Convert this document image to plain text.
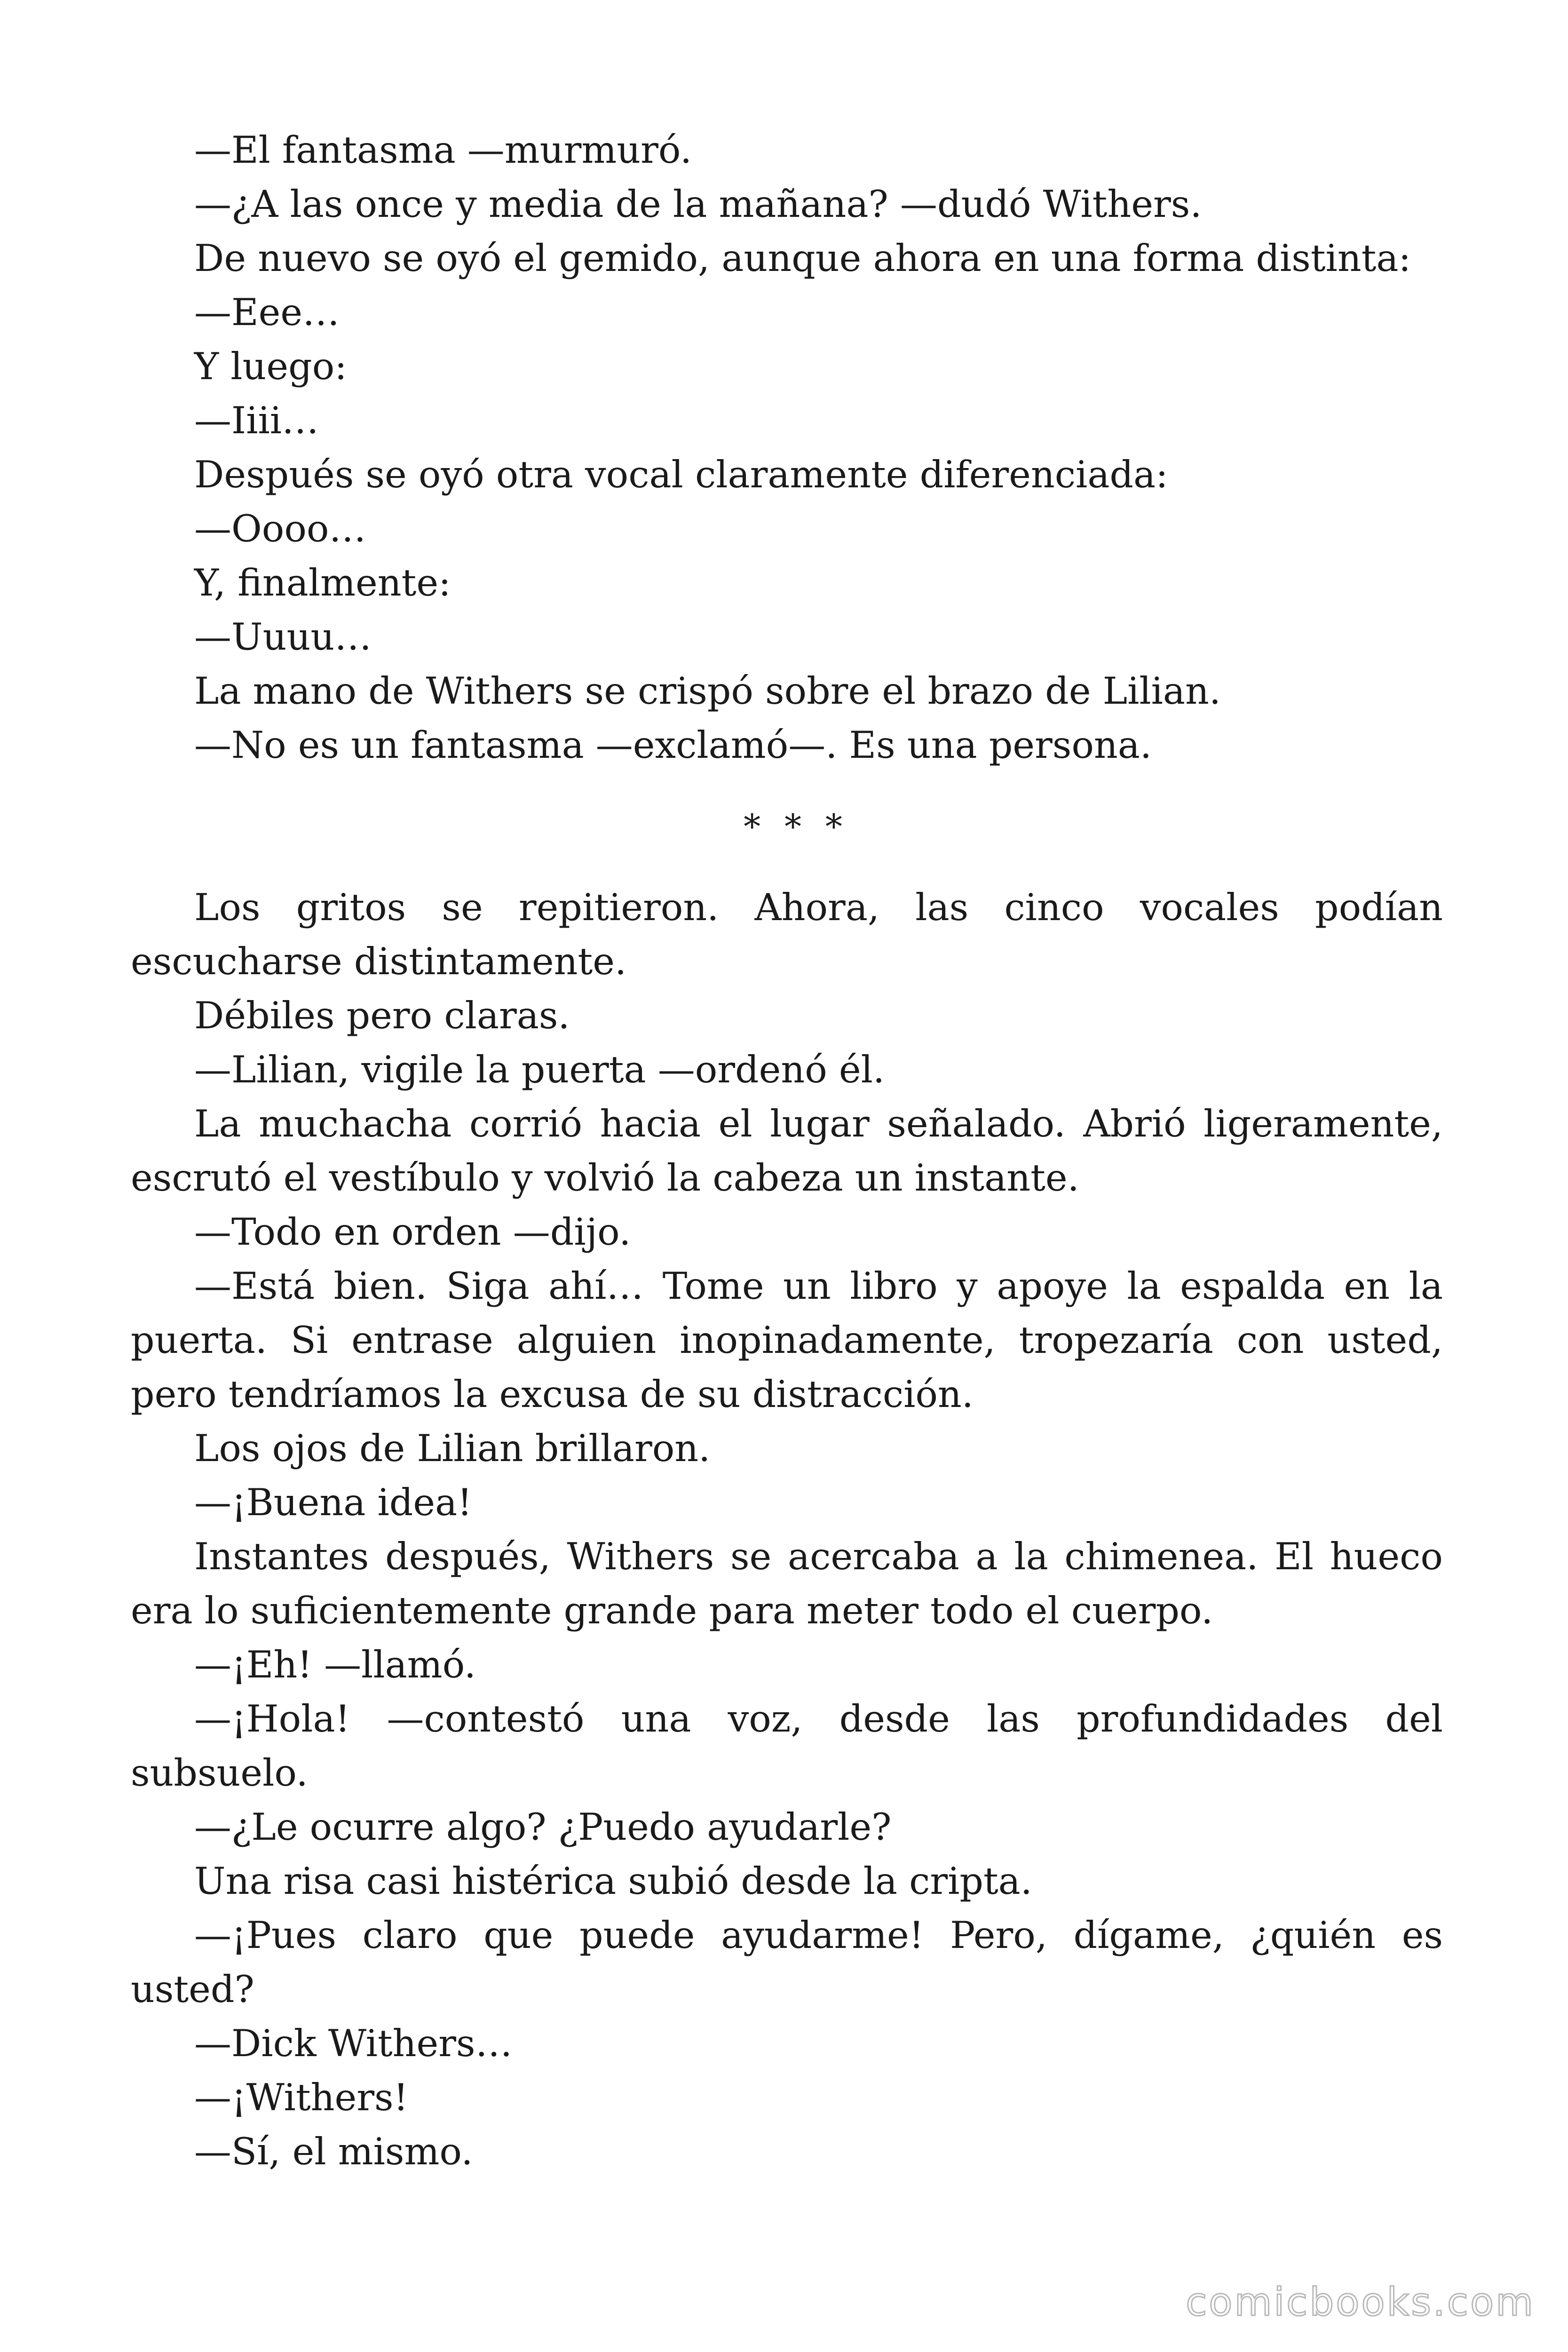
—El fantasma —murmuró.

—¿A las once y media de la mañana? —dudó Withers.

De nuevo se oyó el gemido, aunque ahora en una forma distinta:

—Eee…

Y luego:

—Iiii…

Después se oyó otra vocal claramente diferenciada:

—Oooo…

Y, finalmente:

—Uuuu…

La mano de Withers se crispó sobre el brazo de Lilian.

—No es un fantasma —exclamó—. Es una persona.

* * *

Los gritos se repitieron. Ahora, las cinco vocales podían escucharse distintamente.

Débiles pero claras.

—Lilian, vigile la puerta —ordenó él.

La muchacha corrió hacia el lugar señalado. Abrió ligeramente, escrutó el vestíbulo y volvió la cabeza un instante.

—Todo en orden —dijo.

—Está bien. Siga ahí… Tome un libro y apoye la espalda en la puerta. Si entrase alguien inopinadamente, tropezaría con usted, pero tendríamos la excusa de su distracción.

Los ojos de Lilian brillaron.

—¡Buena idea!

Instantes después, Withers se acercaba a la chimenea. El hueco era lo suficientemente grande para meter todo el cuerpo.

—¡Eh! —llamó.

—¡Hola! —contestó una voz, desde las profundidades del subsuelo.

—¿Le ocurre algo? ¿Puedo ayudarle?

Una risa casi histérica subió desde la cripta.

—¡Pues claro que puede ayudarme! Pero, dígame, ¿quién es usted?

—Dick Withers…

—¡Withers!

—Sí, el mismo.

comicbooks.com
